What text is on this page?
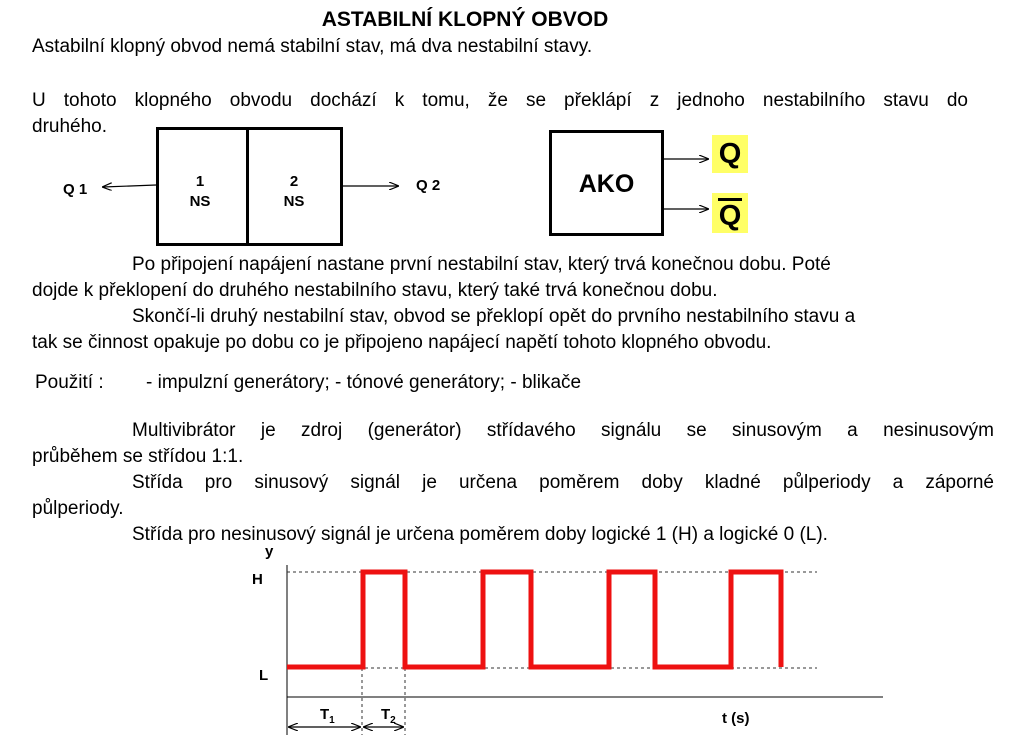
ASTABILNÍ KLOPNÝ OBVOD
Astabilní klopný obvod nemá stabilní stav, má dva nestabilní stavy.
U tohoto klopného obvodu dochází k tomu, že se překlápí z jednoho nestabilního stavu do
druhého.
1
NS
2
NS
Q 1	Q 2	AKO
Q
Q
Po připojení napájení nastane první nestabilní stav, který trvá konečnou dobu. Poté
dojde k překlopení do druhého nestabilního stavu, který také trvá konečnou dobu.
Skončí-li druhý nestabilní stav, obvod se překlopí opět do prvního nestabilního stavu a
tak se činnost opakuje po dobu co je připojeno napájecí napětí tohoto klopného obvodu.
Použití : - impulzní generátory; - tónové generátory; - blikače
Multivibrátor je zdroj (generátor) střídavého signálu se sinusovým a nesinusovým
průběhem se střídou 1:1.
Střída pro sinusový signál je určena poměrem doby kladné půlperiody a záporné
půlperiody.
Střída pro nesinusový signál je určena poměrem doby logické 1 (H) a logické 0 (L).
y
H
L
$T_1$	$T_2$	t (s)
